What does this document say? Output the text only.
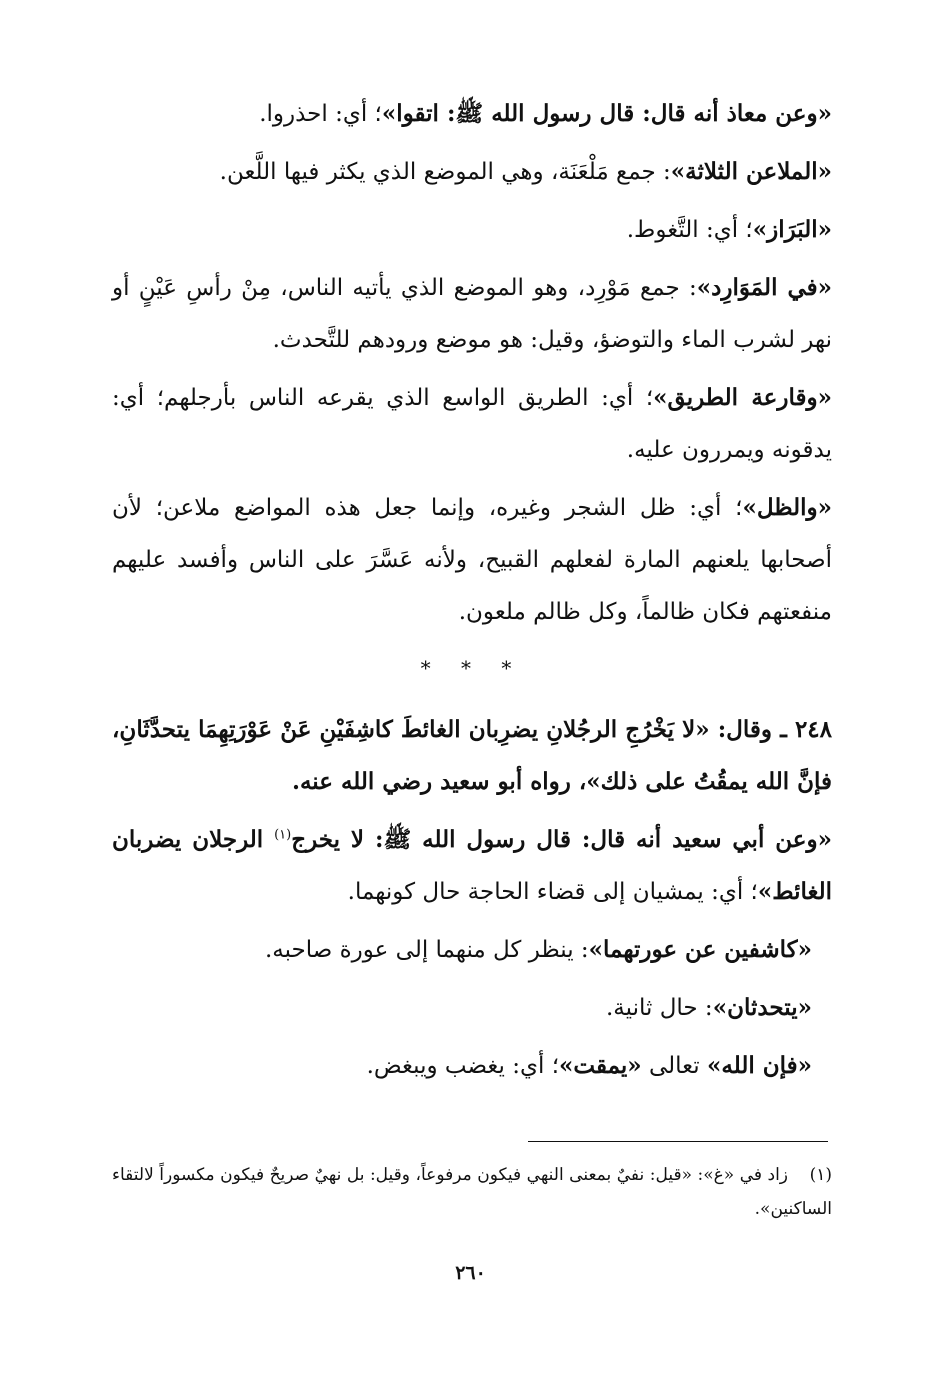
«وعن معاذ أنه قال: قال رسول الله ﷺ: اتقوا»؛ أي: احذروا.

«الملاعن الثلاثة»: جمع مَلْعَنَة، وهي الموضع الذي يكثر فيها اللَّعن.

«البَرَاز»؛ أي: التَّغوط.

«في المَوَارِد»: جمع مَوْرِد، وهو الموضع الذي يأتيه الناس، مِنْ رأسِ عَيْنٍ أو نهر لشرب الماء والتوضؤ، وقيل: هو موضع ورودهم للتَّحدث.

«وقارعة الطريق»؛ أي: الطريق الواسع الذي يقرعه الناس بأرجلهم؛ أي: يدقونه ويمررون عليه.

«والظل»؛ أي: ظل الشجر وغيره، وإنما جعل هذه المواضع ملاعن؛ لأن أصحابها يلعنهم المارة لفعلهم القبيح، ولأنه عَسَّرَ على الناس وأفسد عليهم منفعتهم فكان ظالماً، وكل ظالم ملعون.

* * *

٢٤٨ ـ وقال: «لا يَخْرُجِ الرجُلانِ يضرِبان الغائطَ كاشِفَيْنِ عَنْ عَوْرَتِهِمَا يتحدَّثَانِ، فإنَّ الله يمقُتُ على ذلك»، رواه أبو سعيد رضي الله عنه.

«وعن أبي سعيد أنه قال: قال رسول الله ﷺ: لا يخرج$^{(١)}$ الرجلان يضربان الغائط»؛ أي: يمشيان إلى قضاء الحاجة حال كونهما.

«كاشفين عن عورتهما»: ينظر كل منهما إلى عورة صاحبه.

«يتحدثان»: حال ثانية.

«فإن الله» تعالى «يمقت»؛ أي: يغضب ويبغض.

(١)زاد في «غ»: «قيل: نفيٌ بمعنى النهي فيكون مرفوعاً، وقيل: بل نهيٌ صريحٌ فيكون مكسوراً لالتقاء الساكنين».
٢٦٠
